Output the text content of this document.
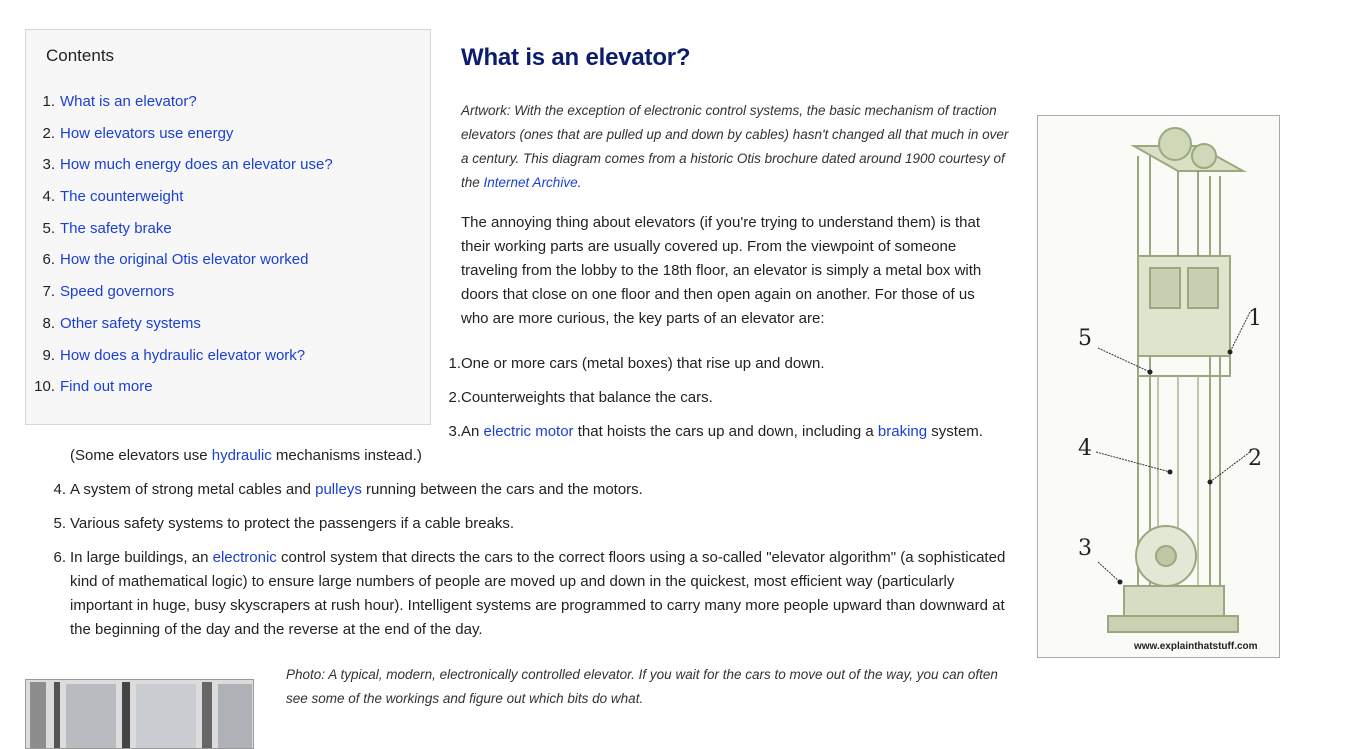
Contents
1. What is an elevator?
2. How elevators use energy
3. How much energy does an elevator use?
4. The counterweight
5. The safety brake
6. How the original Otis elevator worked
7. Speed governors
8. Other safety systems
9. How does a hydraulic elevator work?
10. Find out more
What is an elevator?

Artwork: With the exception of electronic control systems, the basic mechanism of traction elevators (ones that are pulled up and down by cables) hasn't changed all that much in over a century. This diagram comes from a historic Otis brochure dated around 1900 courtesy of the Internet Archive.

The annoying thing about elevators (if you're trying to understand them) is that their working parts are usually covered up. From the viewpoint of someone traveling from the lobby to the 18th floor, an elevator is simply a metal box with doors that close on one floor and then open again on another. For those of us who are more curious, the key parts of an elevator are:

1. One or more cars (metal boxes) that rise up and down.
2. Counterweights that balance the cars.
3. An electric motor that hoists the cars up and down, including a braking system.

(Some elevators use hydraulic mechanisms instead.)

4. A system of strong metal cables and pulleys running between the cars and the motors.
5. Various safety systems to protect the passengers if a cable breaks.
6. In large buildings, an electronic control system that directs the cars to the correct floors using a so-called "elevator algorithm" (a sophisticated kind of mathematical logic) to ensure large numbers of people are moved up and down in the quickest, most efficient way (particularly important in huge, busy skyscrapers at rush hour). Intelligent systems are programmed to carry many more people upward than downward at the beginning of the day and the reverse at the end of the day.
1
2
3
4
5
www.explainthatstuff.com

Photo: A typical, modern, electronically controlled elevator. If you wait for the cars to move out of the way, you can often see some of the workings and figure out which bits do what.
